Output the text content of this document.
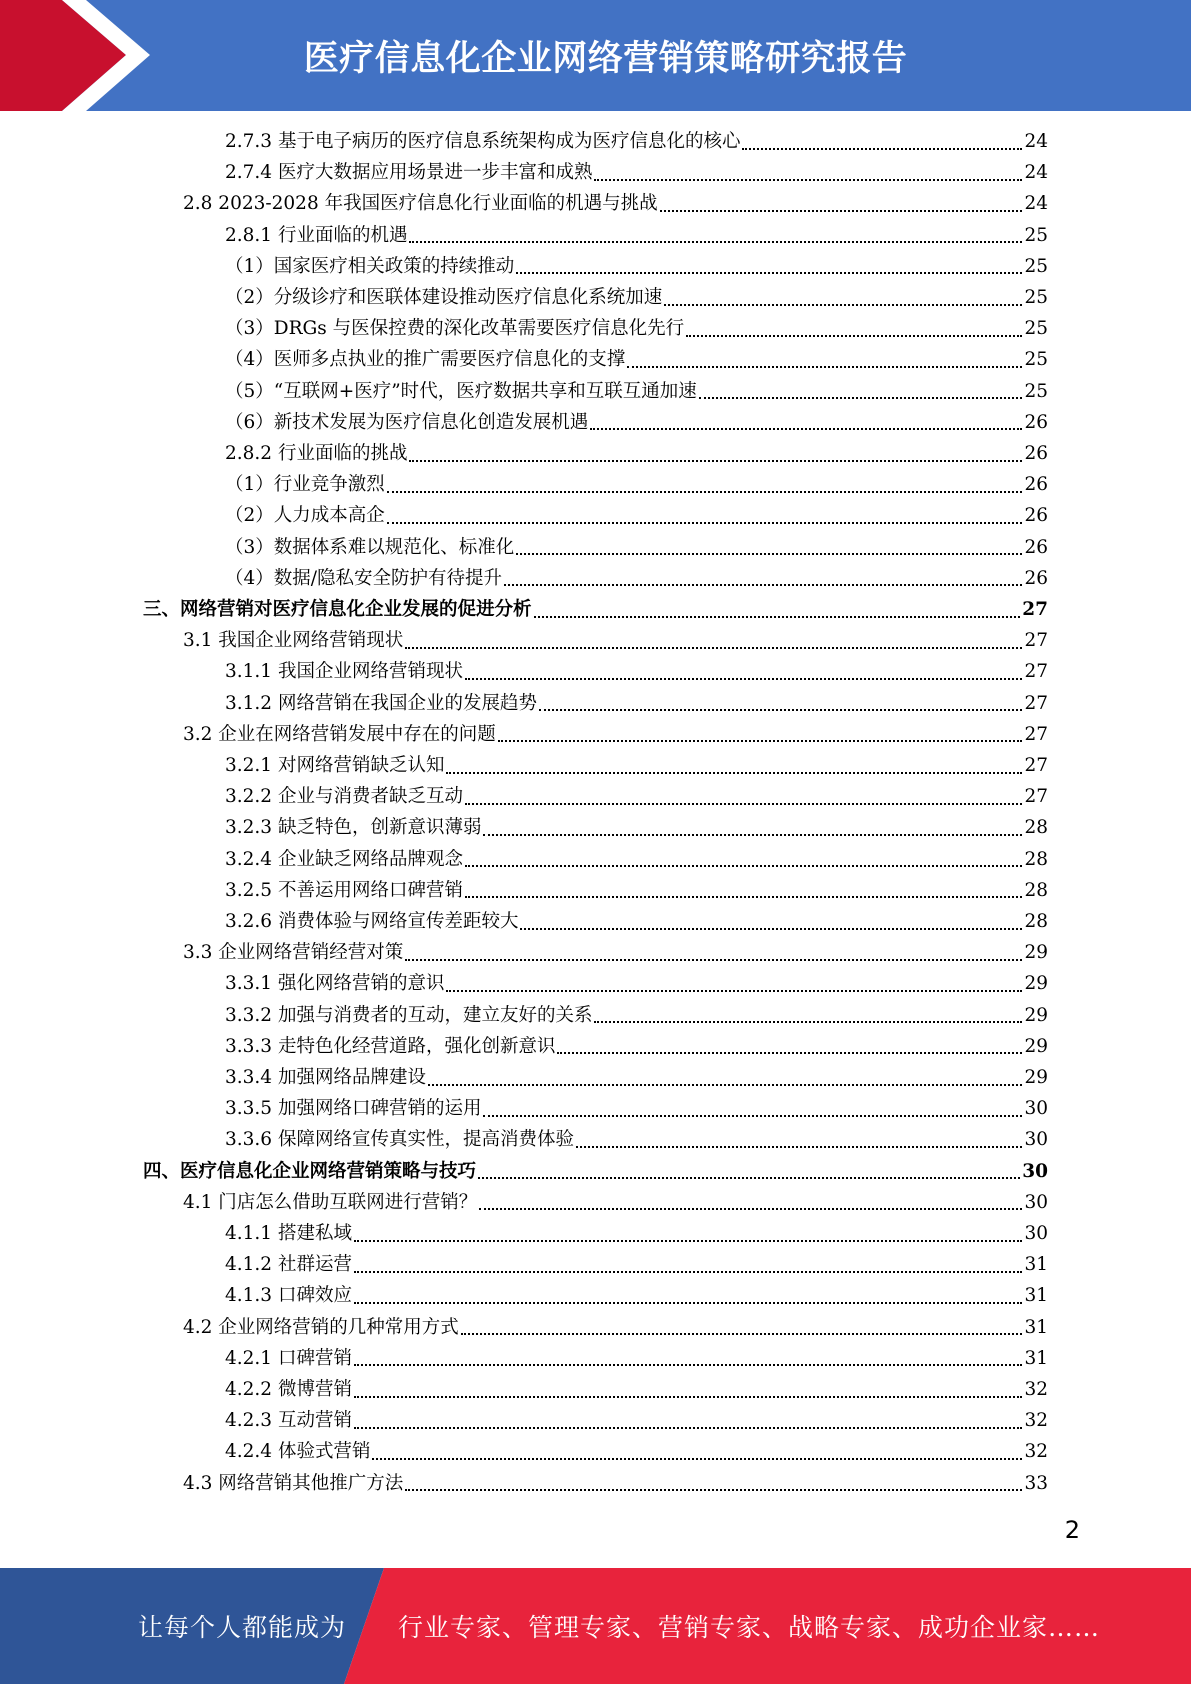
医疗信息化企业网络营销策略研究报告
2.7.3 基于电子病历的医疗信息系统架构成为医疗信息化的核心	24
2.7.4 医疗大数据应用场景进一步丰富和成熟	24
2.8 2023-2028 年我国医疗信息化行业面临的机遇与挑战	24
2.8.1 行业面临的机遇	25
（1）国家医疗相关政策的持续推动	25
（2）分级诊疗和医联体建设推动医疗信息化系统加速	25
（3）DRGs 与医保控费的深化改革需要医疗信息化先行	25
（4）医师多点执业的推广需要医疗信息化的支撑	25
（5）“互联网+医疗”时代，医疗数据共享和互联互通加速	25
（6）新技术发展为医疗信息化创造发展机遇	26
2.8.2 行业面临的挑战	26
（1）行业竞争激烈	26
（2）人力成本高企	26
（3）数据体系难以规范化、标准化	26
（4）数据/隐私安全防护有待提升	26
三、网络营销对医疗信息化企业发展的促进分析	27
3.1 我国企业网络营销现状	27
3.1.1 我国企业网络营销现状	27
3.1.2 网络营销在我国企业的发展趋势	27
3.2 企业在网络营销发展中存在的问题	27
3.2.1 对网络营销缺乏认知	27
3.2.2 企业与消费者缺乏互动	27
3.2.3 缺乏特色，创新意识薄弱	28
3.2.4 企业缺乏网络品牌观念	28
3.2.5 不善运用网络口碑营销	28
3.2.6 消费体验与网络宣传差距较大	28
3.3 企业网络营销经营对策	29
3.3.1 强化网络营销的意识	29
3.3.2 加强与消费者的互动，建立友好的关系	29
3.3.3 走特色化经营道路，强化创新意识	29
3.3.4 加强网络品牌建设	29
3.3.5 加强网络口碑营销的运用	30
3.3.6 保障网络宣传真实性，提高消费体验	30
四、医疗信息化企业网络营销策略与技巧	30
4.1 门店怎么借助互联网进行营销？	30
4.1.1 搭建私域	30
4.1.2 社群运营	31
4.1.3 口碑效应	31
4.2 企业网络营销的几种常用方式	31
4.2.1 口碑营销	31
4.2.2 微博营销	32
4.2.3 互动营销	32
4.2.4 体验式营销	32
4.3 网络营销其他推广方法	33
2
让每个人都能成为 行业专家、管理专家、营销专家、战略专家、成功企业家……
